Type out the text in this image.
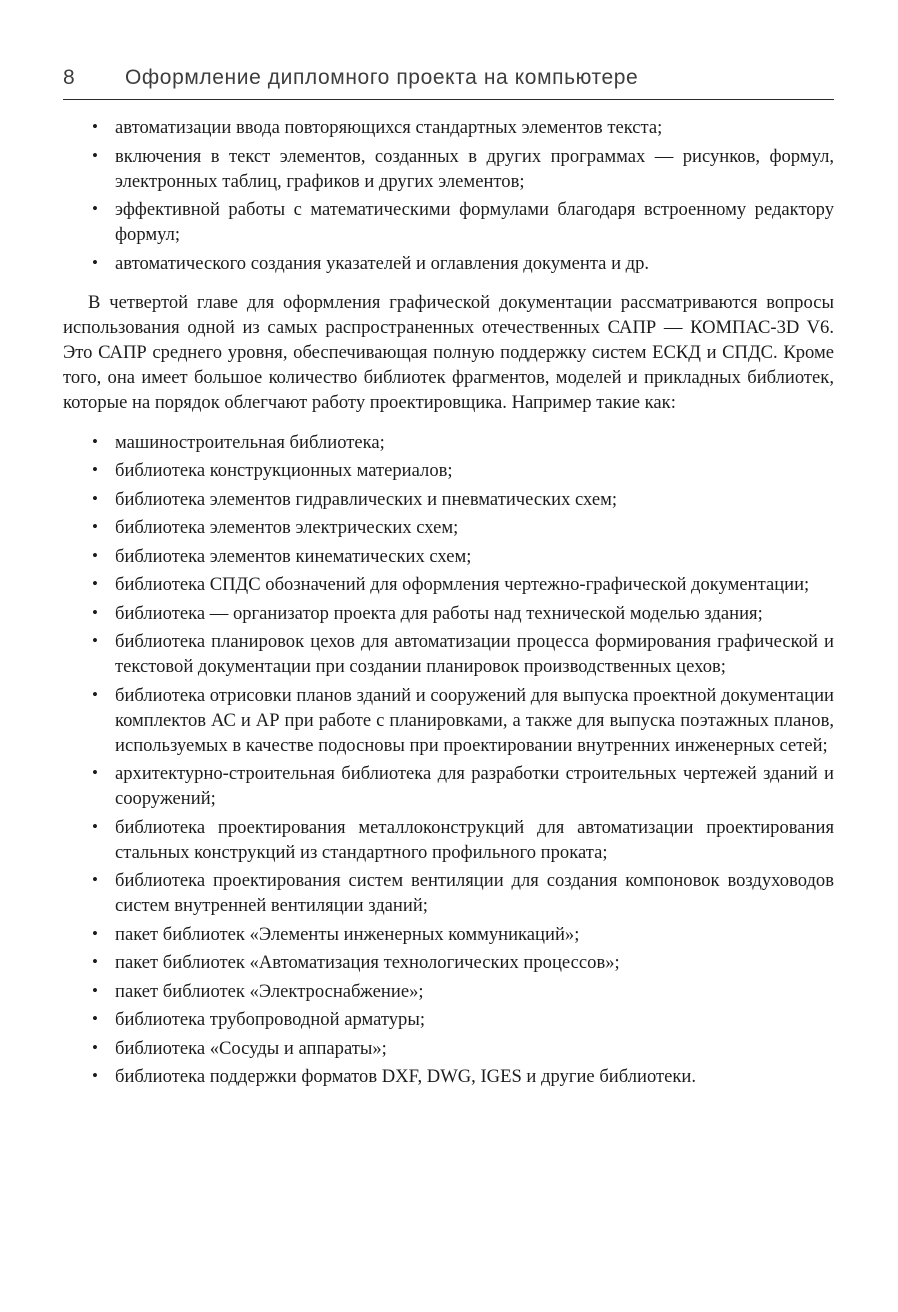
8	Оформление дипломного проекта на компьютере
• автоматизации ввода повторяющихся стандартных элементов текста;
• включения в текст элементов, созданных в других программах — рисунков, формул, электронных таблиц, графиков и других элементов;
• эффективной работы с математическими формулами благодаря встроенному редактору формул;
• автоматического создания указателей и оглавления документа и др.

В четвертой главе для оформления графической документации рассматриваются вопросы использования одной из самых распространенных отечественных САПР — КОМПАС-3D V6. Это САПР среднего уровня, обеспечивающая полную поддержку систем ЕСКД и СПДС. Кроме того, она имеет большое количество библиотек фрагментов, моделей и прикладных библиотек, которые на порядок облегчают работу проектировщика. Например такие как:

• машиностроительная библиотека;
• библиотека конструкционных материалов;
• библиотека элементов гидравлических и пневматических схем;
• библиотека элементов электрических схем;
• библиотека элементов кинематических схем;
• библиотека СПДС обозначений для оформления чертежно-графической документации;
• библиотека — организатор проекта для работы над технической моделью здания;
• библиотека планировок цехов для автоматизации процесса формирования графической и текстовой документации при создании планировок производственных цехов;
• библиотека отрисовки планов зданий и сооружений для выпуска проектной документации комплектов АС и АР при работе с планировками, а также для выпуска поэтажных планов, используемых в качестве подосновы при проектировании внутренних инженерных сетей;
• архитектурно-строительная библиотека для разработки строительных чертежей зданий и сооружений;
• библиотека проектирования металлоконструкций для автоматизации проектирования стальных конструкций из стандартного профильного проката;
• библиотека проектирования систем вентиляции для создания компоновок воздуховодов систем внутренней вентиляции зданий;
• пакет библиотек «Элементы инженерных коммуникаций»;
• пакет библиотек «Автоматизация технологических процессов»;
• пакет библиотек «Электроснабжение»;
• библиотека трубопроводной арматуры;
• библиотека «Сосуды и аппараты»;
• библиотека поддержки форматов DXF, DWG, IGES и другие библиотеки.
